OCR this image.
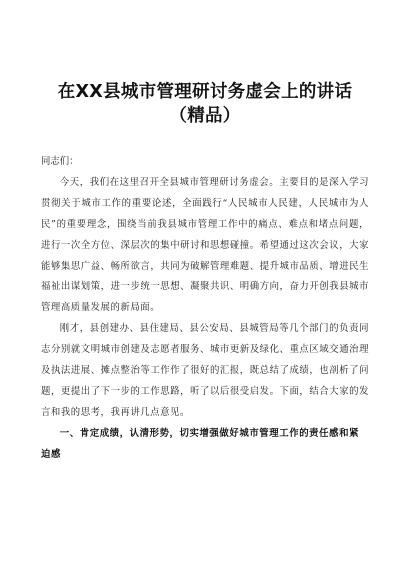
在XX县城市管理研讨务虚会上的讲话
（精品）

同志们：

今天，我们在这里召开全县城市管理研讨务虚会。主要目的是深入学习贯彻关于城市工作的重要论述，全面践行“人民城市人民建，人民城市为人民”的重要理念，围绕当前我县城市管理工作中的痛点、难点和堵点问题，进行一次全方位、深层次的集中研讨和思想碰撞。希望通过这次会议，大家能够集思广益、畅所欲言，共同为破解管理难题、提升城市品质、增进民生福祉出谋划策，进一步统一思想、凝聚共识、明确方向，奋力开创我县城市管理高质量发展的新局面。

刚才，县创建办、县住建局、县公安局、县城管局等几个部门的负责同志分别就文明城市创建及志愿者服务、城市更新及绿化、重点区域交通治理及执法进展、摊点整治等工作作了很好的汇报，既总结了成绩，也剖析了问题，更提出了下一步的工作思路，听了以后很受启发。下面，结合大家的发言和我的思考，我再讲几点意见。

一、肯定成绩，认清形势，切实增强做好城市管理工作的责任感和紧迫感
